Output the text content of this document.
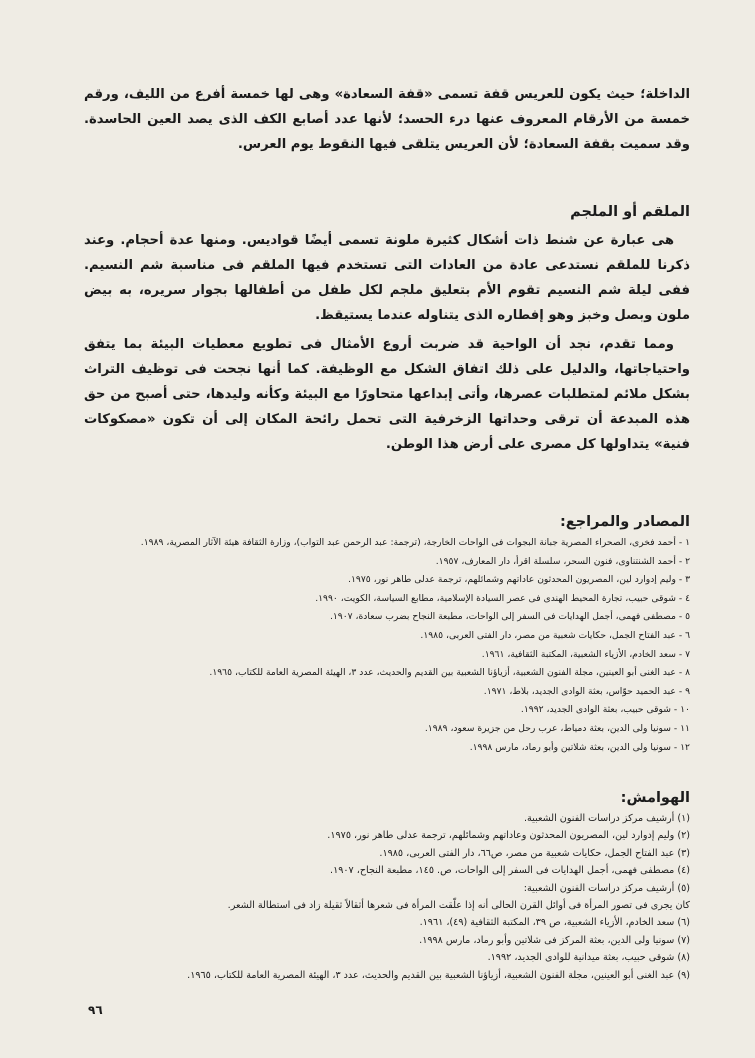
الداخلة؛ حيث يكون للعريس قفة تسمى «قفة السعادة» وهى لها خمسة أفرع من الليف، ورقم خمسة من الأرقام المعروف عنها درء الحسد؛ لأنها عدد أصابع الكف الذى يصد العين الحاسدة. وقد سميت بقفة السعادة؛ لأن العريس يتلقى فيها النقوط يوم العرس.

الملقم أو الملجم

هى عبارة عن شنط ذات أشكال كثيرة ملونة تسمى أيضًا قواديس. ومنها عدة أحجام. وعند ذكرنا للملقم نستدعى عادة من العادات التى تستخدم فيها الملقم فى مناسبة شم النسيم. ففى ليلة شم النسيم تقوم الأم بتعليق ملجم لكل طفل من أطفالها بجوار سريره، به بيض ملون وبصل وخبز وهو إفطاره الذى يتناوله عندما يستيقظ.

ومما تقدم، نجد أن الواحية قد ضربت أروع الأمثال فى تطويع معطيات البيئة بما يتفق واحتياجاتها، والدليل على ذلك اتفاق الشكل مع الوظيفة. كما أنها نجحت فى توظيف التراث بشكل ملائم لمتطلبات عصرها، وأتى إبداعها متحاورًا مع البيئة وكأنه وليدها، حتى أصبح من حق هذه المبدعة أن ترقى وحداتها الزخرفية التى تحمل رائحة المكان إلى أن تكون «مصكوكات فنية» يتداولها كل مصرى على أرض هذا الوطن.

المصادر والمراجع:
١ - أحمد فخرى، الصحراء المصرية جبانة البجوات فى الواحات الخارجة، (ترجمة: عبد الرحمن عبد التواب)، وزارة الثقافة هيئة الآثار المصرية، ١٩٨٩.
٢ - أحمد الشنتناوى، فنون السحر، سلسلة اقرأ، دار المعارف، ١٩٥٧.
٣ - وليم إدوارد لين، المصريون المحدثون عاداتهم وشمائلهم، ترجمة عدلى طاهر نور، ١٩٧٥.
٤ - شوقى حبيب، تجارة المحيط الهندى فى عصر السيادة الإسلامية، مطابع السياسة، الكويت، ١٩٩٠.
٥ - مصطفى فهمى، أجمل الهدايات فى السفر إلى الواحات، مطبعة النجاح بضرب سعادة، ١٩٠٧.
٦ - عبد الفتاح الجمل، حكايات شعبية من مصر، دار الفتى العربى، ١٩٨٥.
٧ - سعد الخادم، الأزياء الشعبية، المكتبة الثقافية، ١٩٦١.
٨ - عبد الغنى أبو العينين، مجلة الفنون الشعبية، أزياؤنا الشعبية بين القديم والحديث، عدد ٣، الهيئة المصرية العامة للكتاب، ١٩٦٥.
٩ - عبد الحميد حوّاس، بعثة الوادى الجديد، بلاط، ١٩٧١.
١٠ - شوقى حبيب، بعثة الوادى الجديد، ١٩٩٢.
١١ - سونيا ولى الدين، بعثة دمياط، عرب رحل من جزيرة سعود، ١٩٨٩.
١٢ - سونيا ولى الدين، بعثة شلاتين وأبو رماد، مارس ١٩٩٨.
الهوامش:
(١) أرشيف مركز دراسات الفنون الشعبية.
(٢) وليم إدوارد لين، المصريون المحدثون وعاداتهم وشمائلهم، ترجمة عدلى طاهر نور، ١٩٧٥.
(٣) عبد الفتاح الجمل، حكايات شعبية من مصر، ص٦٦، دار الفتى العربى، ١٩٨٥.
(٤) مصطفى فهمى، أجمل الهدايات فى السفر إلى الواحات، ص. ١٤٥، مطبعة النجاح، ١٩٠٧.
(٥) أرشيف مركز دراسات الفنون الشعبية:
كان يجرى فى تصور المرأة فى أوائل القرن الحالى أنه إذا علّقت المرأة فى شعرها أثقالاً ثقيلة زاد فى استطالة الشعر.
(٦) سعد الخادم، الأزياء الشعبية، ص ٣٩، المكتبة الثقافية (٤٩)، ١٩٦١.
(٧) سونيا ولى الدين، بعثة المركز فى شلاتين وأبو رماد، مارس ١٩٩٨.
(٨) شوقى حبيب، بعثة ميدانية للوادى الجديد، ١٩٩٢.
(٩) عبد الغنى أبو العينين، مجلة الفنون الشعبية، أزياؤنا الشعبية بين القديم والحديث، عدد ٣، الهيئة المصرية العامة للكتاب، ١٩٦٥.
٩٦
